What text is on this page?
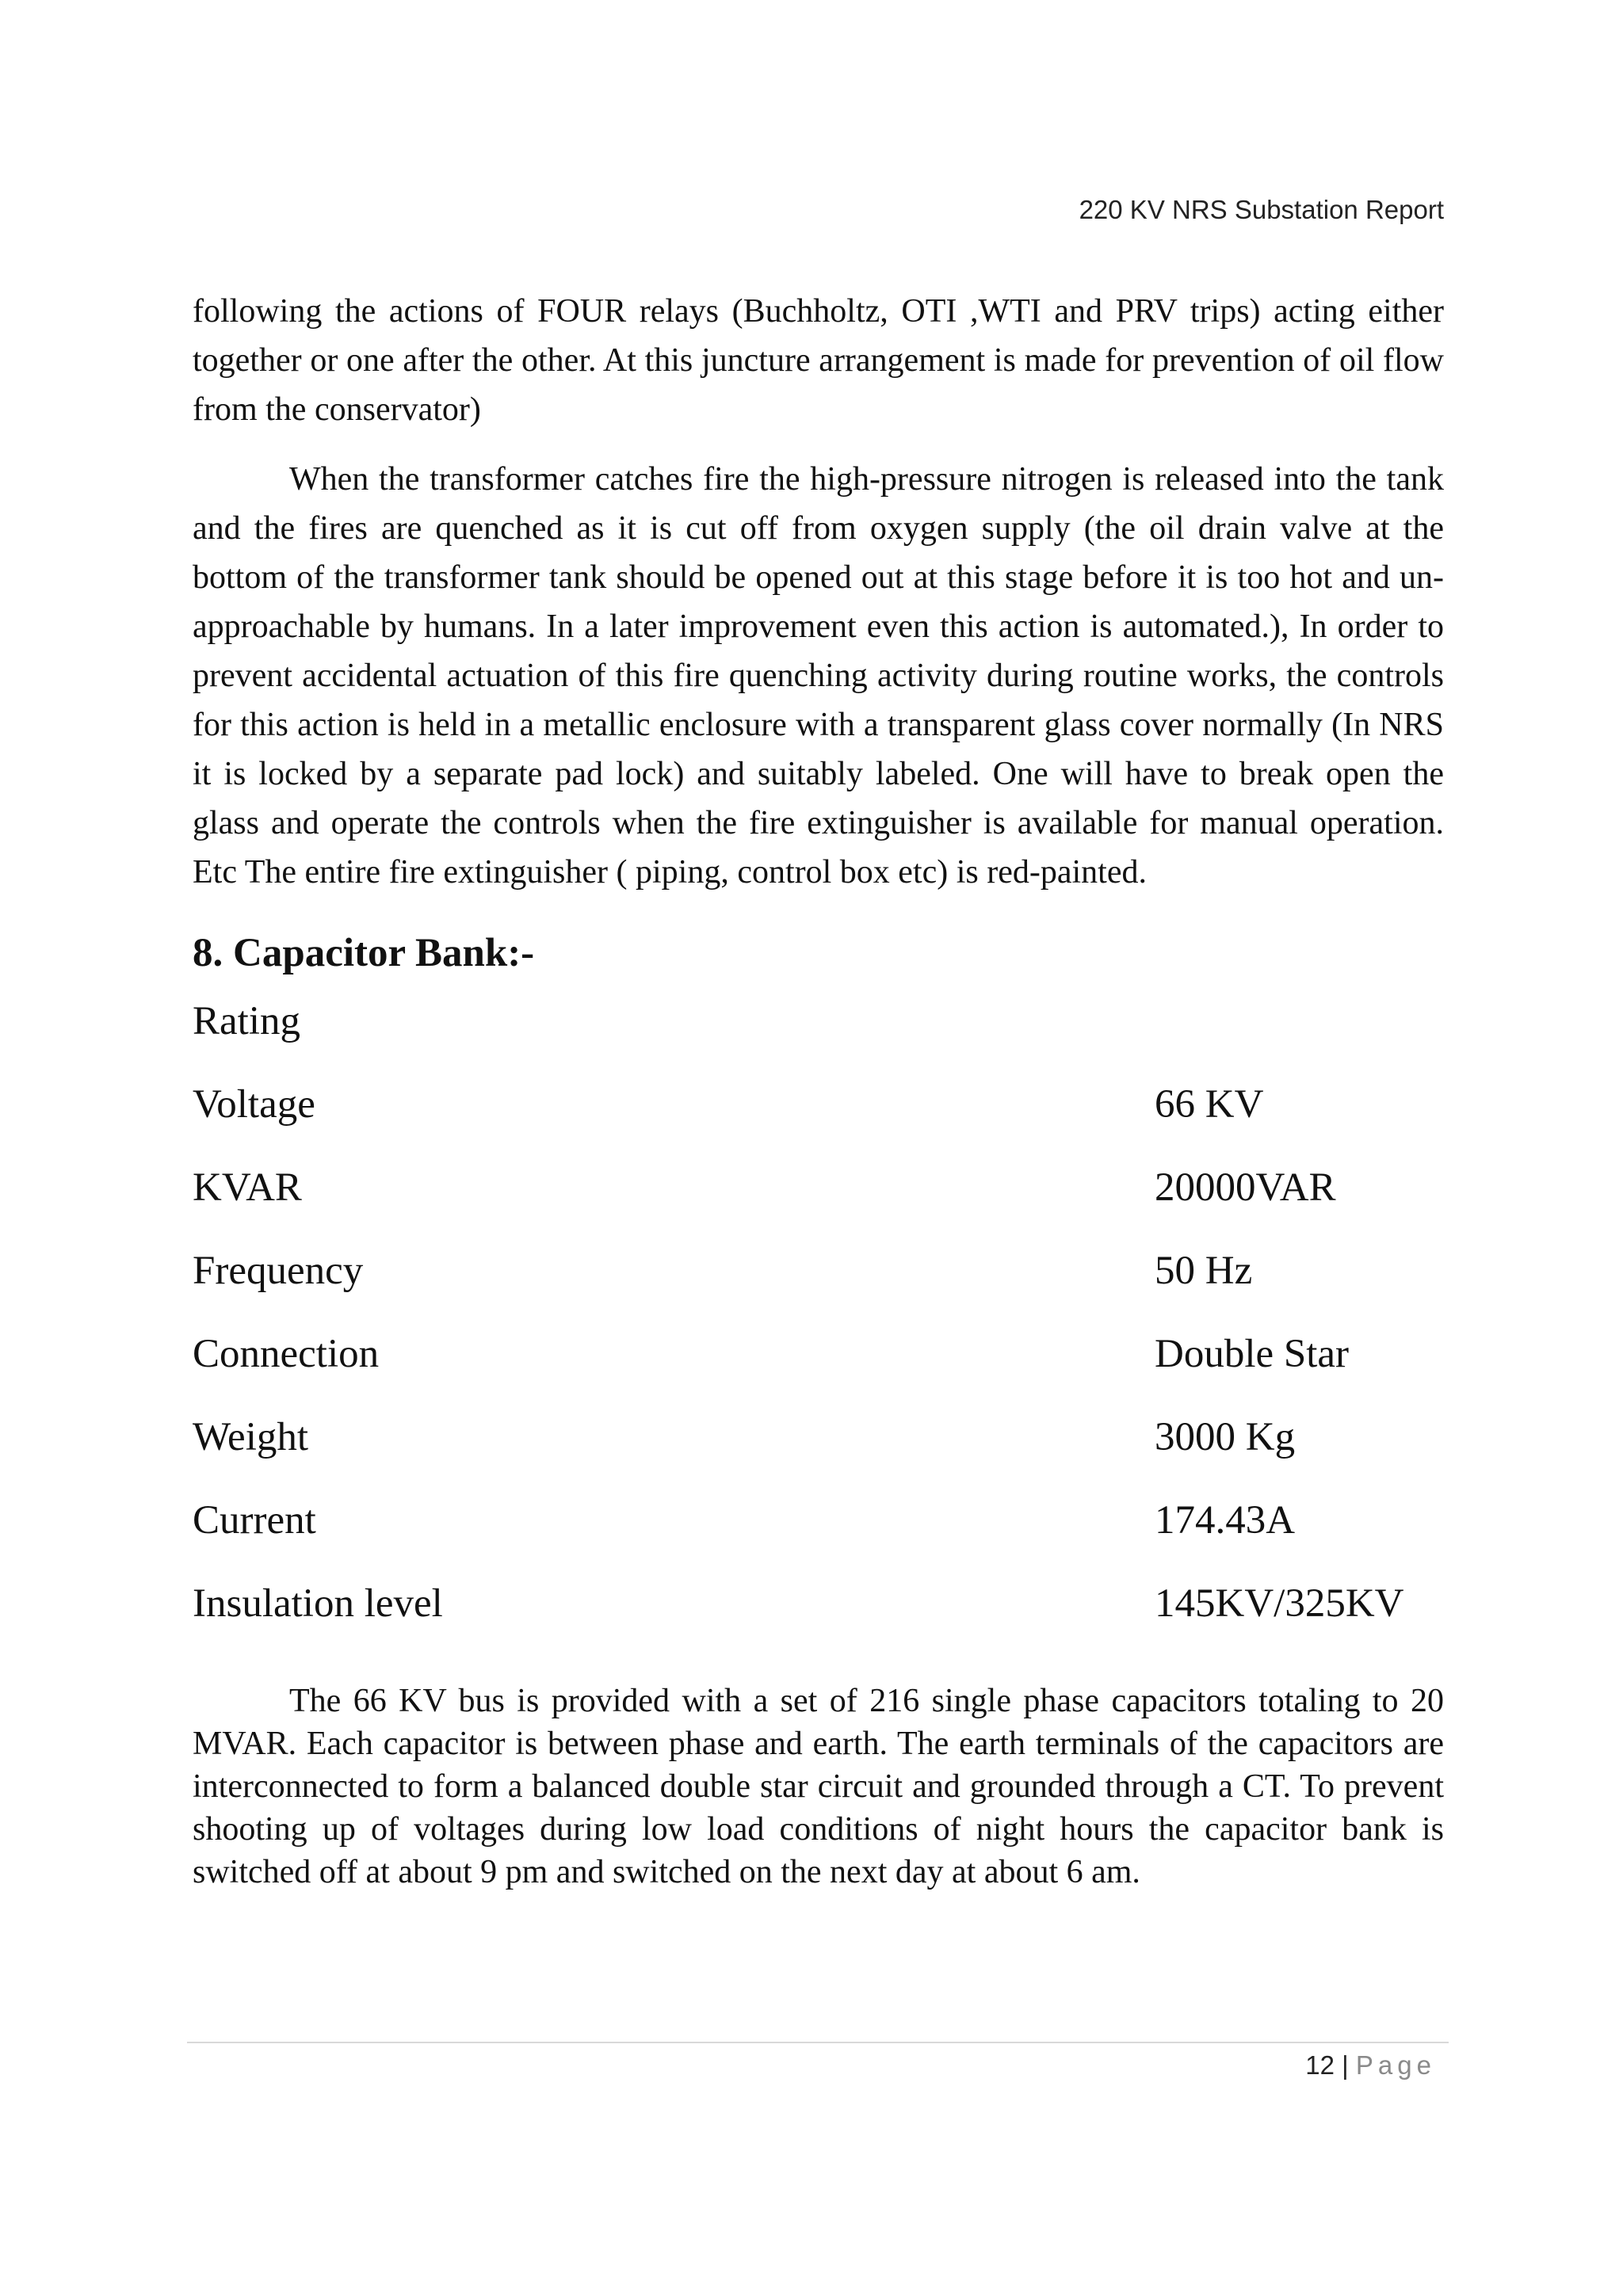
220 KV NRS Substation Report

following the actions of FOUR relays (Buchholtz, OTI ,WTI and PRV trips) acting either together or one after the other. At this juncture arrangement is made for prevention of oil flow from the conservator)

When the transformer catches fire the high-pressure nitrogen is released into the tank and the fires are quenched as it is cut off from oxygen supply (the oil drain valve at the bottom of the transformer tank should be opened out at this stage before it is too hot and un-approachable by humans. In a later improvement even this action is automated.), In order to prevent accidental actuation of this fire quenching activity during routine works, the controls for this action is held in a metallic enclosure with a transparent glass cover normally (In NRS it is locked by a separate pad lock) and suitably labeled. One will have to break open the glass and operate the controls when the fire extinguisher is available for manual operation. Etc The entire fire extinguisher ( piping, control box etc) is red-painted.

8. Capacitor Bank:-
Rating
Voltage	66 KV
KVAR	20000VAR
Frequency	50 Hz
Connection	Double Star
Weight	3000 Kg
Current	174.43A
Insulation level	145KV/325KV

The 66 KV bus is provided with a set of 216 single phase capacitors totaling to 20 MVAR. Each capacitor is between phase and earth. The earth terminals of the capacitors are interconnected to form a balanced double star circuit and grounded through a CT. To prevent shooting up of voltages during low load conditions of night hours the capacitor bank is switched off at about 9 pm and switched on the next day at about 6 am.

12 | Page
